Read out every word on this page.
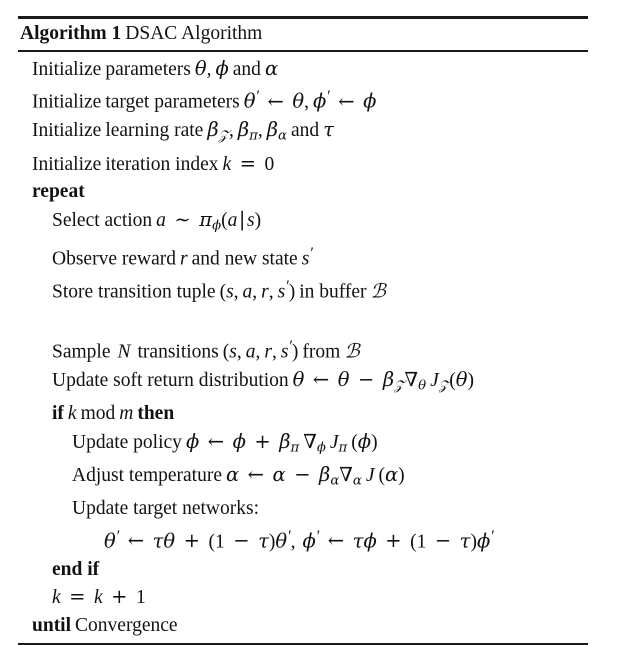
Algorithm 1 DSAC Algorithm
Initialize parameters θ, ϕ and α
Initialize target parameters θ′ ← θ, ϕ′ ← ϕ
Initialize learning rate $\beta_𝒵$, $\beta_\pi$, $\beta_\alpha$ and τ
Initialize iteration index k = 0
repeat
Select action a ∼ $\pi_\phi(a|s)$
Observe reward r and new state s′
Store transition tuple (s, a, r, s′) in buffer ℬ
Sample N transitions (s, a, r, s′) from ℬ
Update soft return distribution θ ← $\theta - \beta_𝒵\nabla_\theta$ $J_𝒵(\theta)$
if k mod m then
Update policy ϕ ← $\phi + \beta_\pi$ $\nabla_\phi$ $J_\pi$ (ϕ)
Adjust temperature α ← $\alpha - \beta_\alpha\nabla_\alpha$ J (α)
Update target networks:
θ′ ← τθ + (1 − τ)θ′, ϕ′ ← τϕ + (1 − τ)ϕ′
end if
k = k + 1
until Convergence
